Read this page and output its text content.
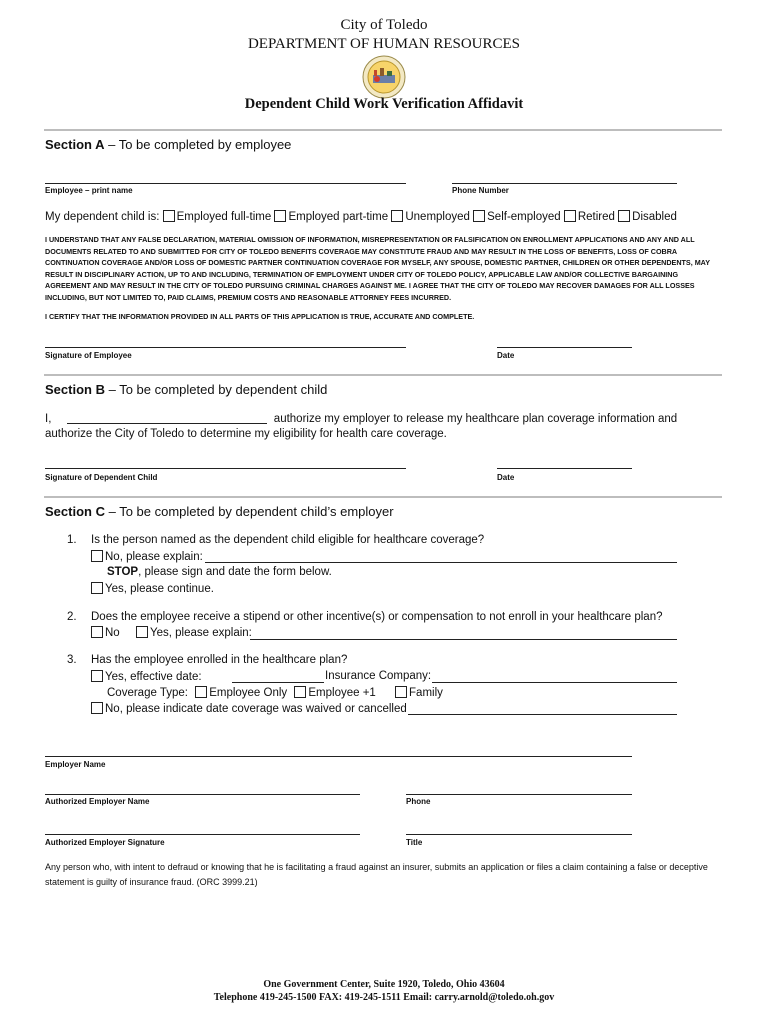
City of Toledo
DEPARTMENT OF HUMAN RESOURCES
Dependent Child Work Verification Affidavit
Section A – To be completed by employee
Employee – print name	Phone Number
My dependent child is: Employed full-time Employed part-time Unemployed Self-employed Retired Disabled
I UNDERSTAND THAT ANY FALSE DECLARATION, MATERIAL OMISSION OF INFORMATION, MISREPRESENTATION OR FALSIFICATION ON ENROLLMENT APPLICATIONS AND ANY AND ALL DOCUMENTS RELATED TO AND SUBMITTED FOR CITY OF TOLEDO BENEFITS COVERAGE MAY CONSTITUTE FRAUD AND MAY RESULT IN THE LOSS OF BENEFITS, LOSS OF COBRA CONTINUATION COVERAGE AND/OR LOSS OF DOMESTIC PARTNER CONTINUATION COVERAGE FOR MYSELF, ANY SPOUSE, DOMESTIC PARTNER, CHILDREN OR OTHER DEPENDENTS, MAY RESULT IN DISCIPLINARY ACTION, UP TO AND INCLUDING, TERMINATION OF EMPLOYMENT UNDER CITY OF TOLEDO POLICY, APPLICABLE LAW AND/OR COLLECTIVE BARGAINING AGREEMENT AND MAY RESULT IN THE CITY OF TOLEDO PURSUING CRIMINAL CHARGES AGAINST ME. I AGREE THAT THE CITY OF TOLEDO MAY RECOVER DAMAGES FOR ALL LOSSES INCLUDING, BUT NOT LIMITED TO, PAID CLAIMS, PREMIUM COSTS AND REASONABLE ATTORNEY FEES INCURRED.
I CERTIFY THAT THE INFORMATION PROVIDED IN ALL PARTS OF THIS APPLICATION IS TRUE, ACCURATE AND COMPLETE.
Signature of Employee	Date
Section B – To be completed by dependent child
I,	authorize my employer to release my healthcare plan coverage information and
authorize the City of Toledo to determine my eligibility for health care coverage.
Signature of Dependent Child	Date
Section C – To be completed by dependent child’s employer
1. Is the person named as the dependent child eligible for healthcare coverage?
No, please explain:
STOP, please sign and date the form below.
Yes, please continue.
2. Does the employee receive a stipend or other incentive(s) or compensation to not enroll in your healthcare plan?
No	Yes, please explain:
3. Has the employee enrolled in the healthcare plan?
Yes, effective date:	Insurance Company:
Coverage Type: Employee Only Employee +1	Family
No, please indicate date coverage was waived or cancelled
Employer Name
Authorized Employer Name	Phone
Authorized Employer Signature	Title
Any person who, with intent to defraud or knowing that he is facilitating a fraud against an insurer, submits an application or files a claim containing a false or deceptive statement is guilty of insurance fraud. (ORC 3999.21)
One Government Center, Suite 1920, Toledo, Ohio 43604
Telephone 419-245-1500 FAX: 419-245-1511 Email: carry.arnold@toledo.oh.gov
